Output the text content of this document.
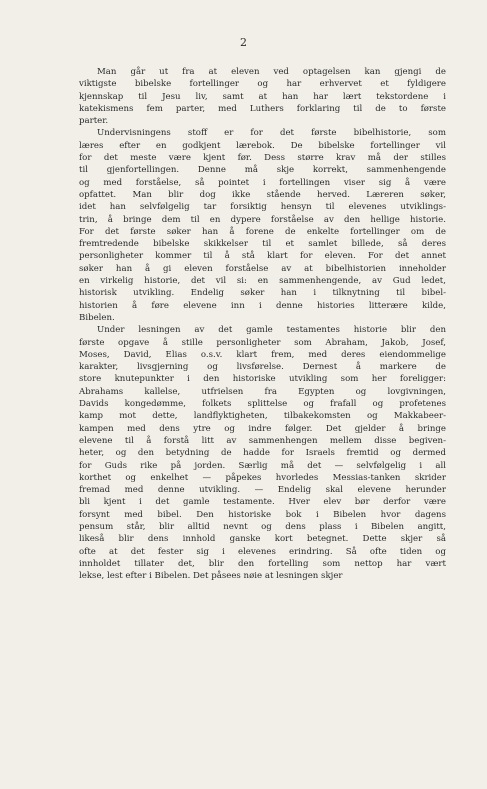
2
Man går ut fra at eleven ved optagelsen kan gjengi de
viktigste bibelske fortellinger og har erhvervet et fyldigere
kjennskap til Jesu liv, samt at han har lært tekstordene i
katekismens fem parter, med Luthers forklaring til de to første
parter.
Undervisningens stoff er for det første bibelhistorie, som
læres efter en godkjent lærebok. De bibelske fortellinger vil
for det meste være kjent før. Dess større krav må der stilles
til gjenfortellingen. Denne må skje korrekt, sammenhengende
og med forståelse, så pointet i fortellingen viser sig å være
opfattet. Man blir dog ikke stående herved. Læreren søker,
idet han selvfølgelig tar forsiktig hensyn til elevenes utviklings-
trin, å bringe dem til en dypere forståelse av den hellige historie.
For det første søker han å forene de enkelte fortellinger om de
fremtredende bibelske skikkelser til et samlet billede, så deres
personligheter kommer til å stå klart for eleven. For det annet
søker han å gi eleven forståelse av at bibelhistorien inneholder
en virkelig historie, det vil si: en sammenhengende, av Gud ledet,
historisk utvikling. Endelig søker han i tilknytning til bibel-
historien å føre elevene inn i denne histories litterære kilde,
Bibelen.
Under lesningen av det gamle testamentes historie blir den
første opgave å stille personligheter som Abraham, Jakob, Josef,
Moses, David, Elias o.s.v. klart frem, med deres eiendommelige
karakter, livsgjerning og livsførelse. Dernest å markere de
store knutepunkter i den historiske utvikling som her foreligger:
Abrahams kallelse, utfrielsen fra Egypten og lovgivningen,
Davids kongedømme, folkets splittelse og frafall og profetenes
kamp mot dette, landflyktigheten, tilbakekomsten og Makkabeer-
kampen med dens ytre og indre følger. Det gjelder å bringe
elevene til å forstå litt av sammenhengen mellem disse begiven-
heter, og den betydning de hadde for Israels fremtid og dermed
for Guds rike på jorden. Særlig må det — selvfølgelig i all
korthet og enkelhet — påpekes hvorledes Messias-tanken skrider
fremad med denne utvikling. — Endelig skal elevene herunder
bli kjent i det gamle testamente. Hver elev bør derfor være
forsynt med bibel. Den historiske bok i Bibelen hvor dagens
pensum står, blir alltid nevnt og dens plass i Bibelen angitt,
likeså blir dens innhold ganske kort betegnet. Dette skjer så
ofte at det fester sig i elevenes erindring. Så ofte tiden og
innholdet tillater det, blir den fortelling som nettop har vært
lekse, lest efter i Bibelen. Det påsees nøie at lesningen skjer
